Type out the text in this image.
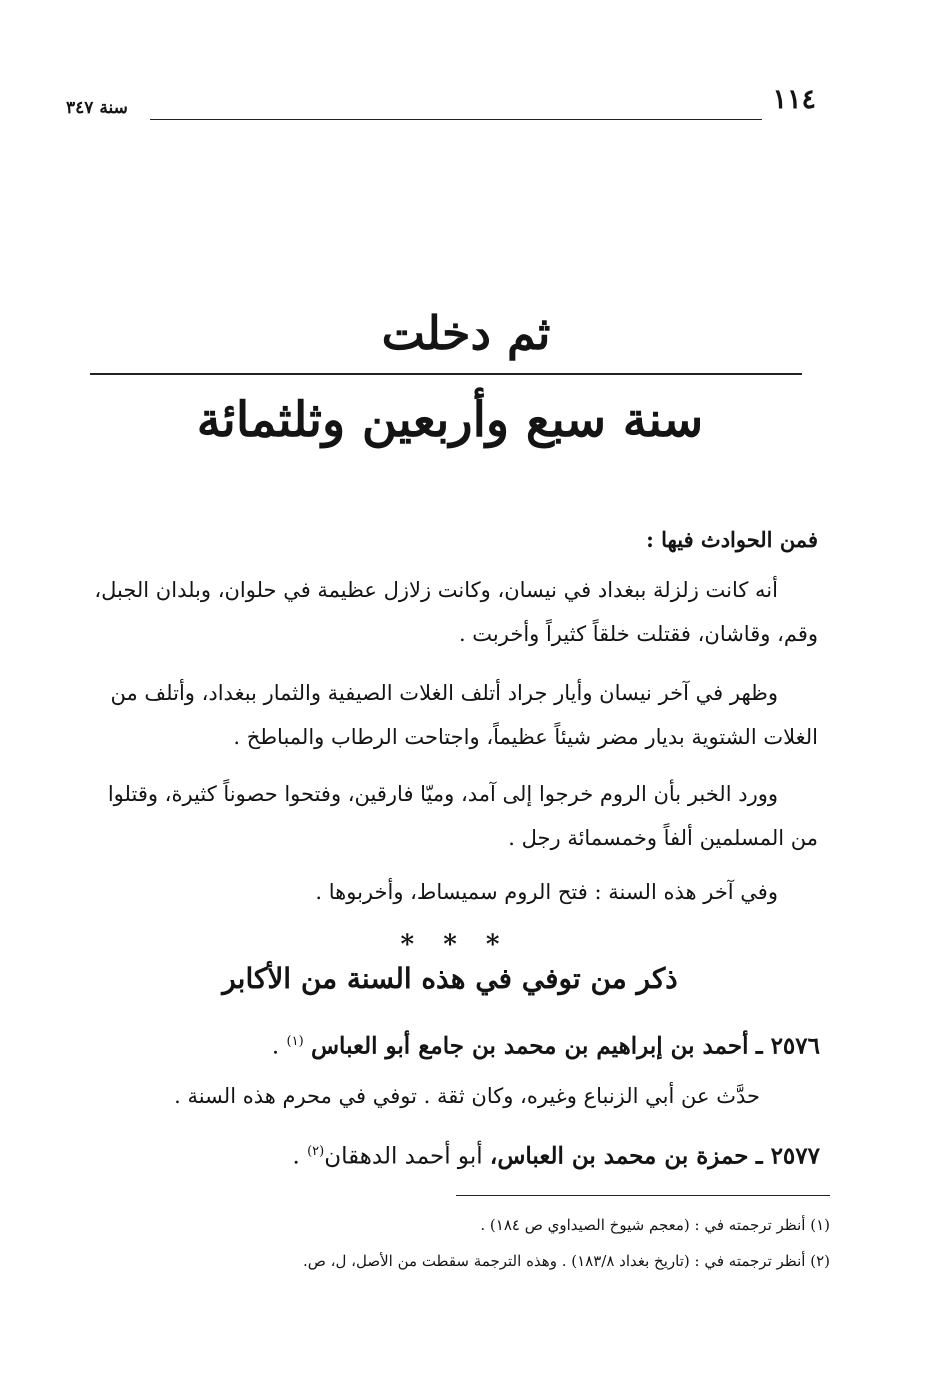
١١٤
سنة ٣٤٧
ثم دخلت
سنة سبع وأربعين وثلثمائة
فمن الحوادث فيها :
أنه كانت زلزلة ببغداد في نيسان، وكانت زلازل عظيمة في حلوان، وبلدان الجبل، وقم، وقاشان، فقتلت خلقاً كثيراً وأخربت .
وظهر في آخر نيسان وأيار جراد أتلف الغلات الصيفية والثمار ببغداد، وأتلف من الغلات الشتوية بديار مضر شيئاً عظيماً، واجتاحت الرطاب والمباطخ .
وورد الخبر بأن الروم خرجوا إلى آمد، وميّا فارقين، وفتحوا حصوناً كثيرة، وقتلوا من المسلمين ألفاً وخمسمائة رجل .
وفي آخر هذه السنة : فتح الروم سميساط، وأخربوها .
* * *
ذكر من توفي في هذه السنة من الأكابر
٢٥٧٦ ـ أحمد بن إبراهيم بن محمد بن جامع أبو العباس $^{(١)}$ .
حدَّث عن أبي الزنباع وغيره، وكان ثقة . توفي في محرم هذه السنة .
٢٥٧٧ ـ حمزة بن محمد بن العباس، أبو أحمد الدهقان$^{(٢)}$ .
(١) أنظر ترجمته في : (معجم شيوخ الصيداوي ص ١٨٤) .
(٢) أنظر ترجمته في : (تاريخ بغداد ١٨٣/٨) . وهذه الترجمة سقطت من الأصل، ل، ص.
